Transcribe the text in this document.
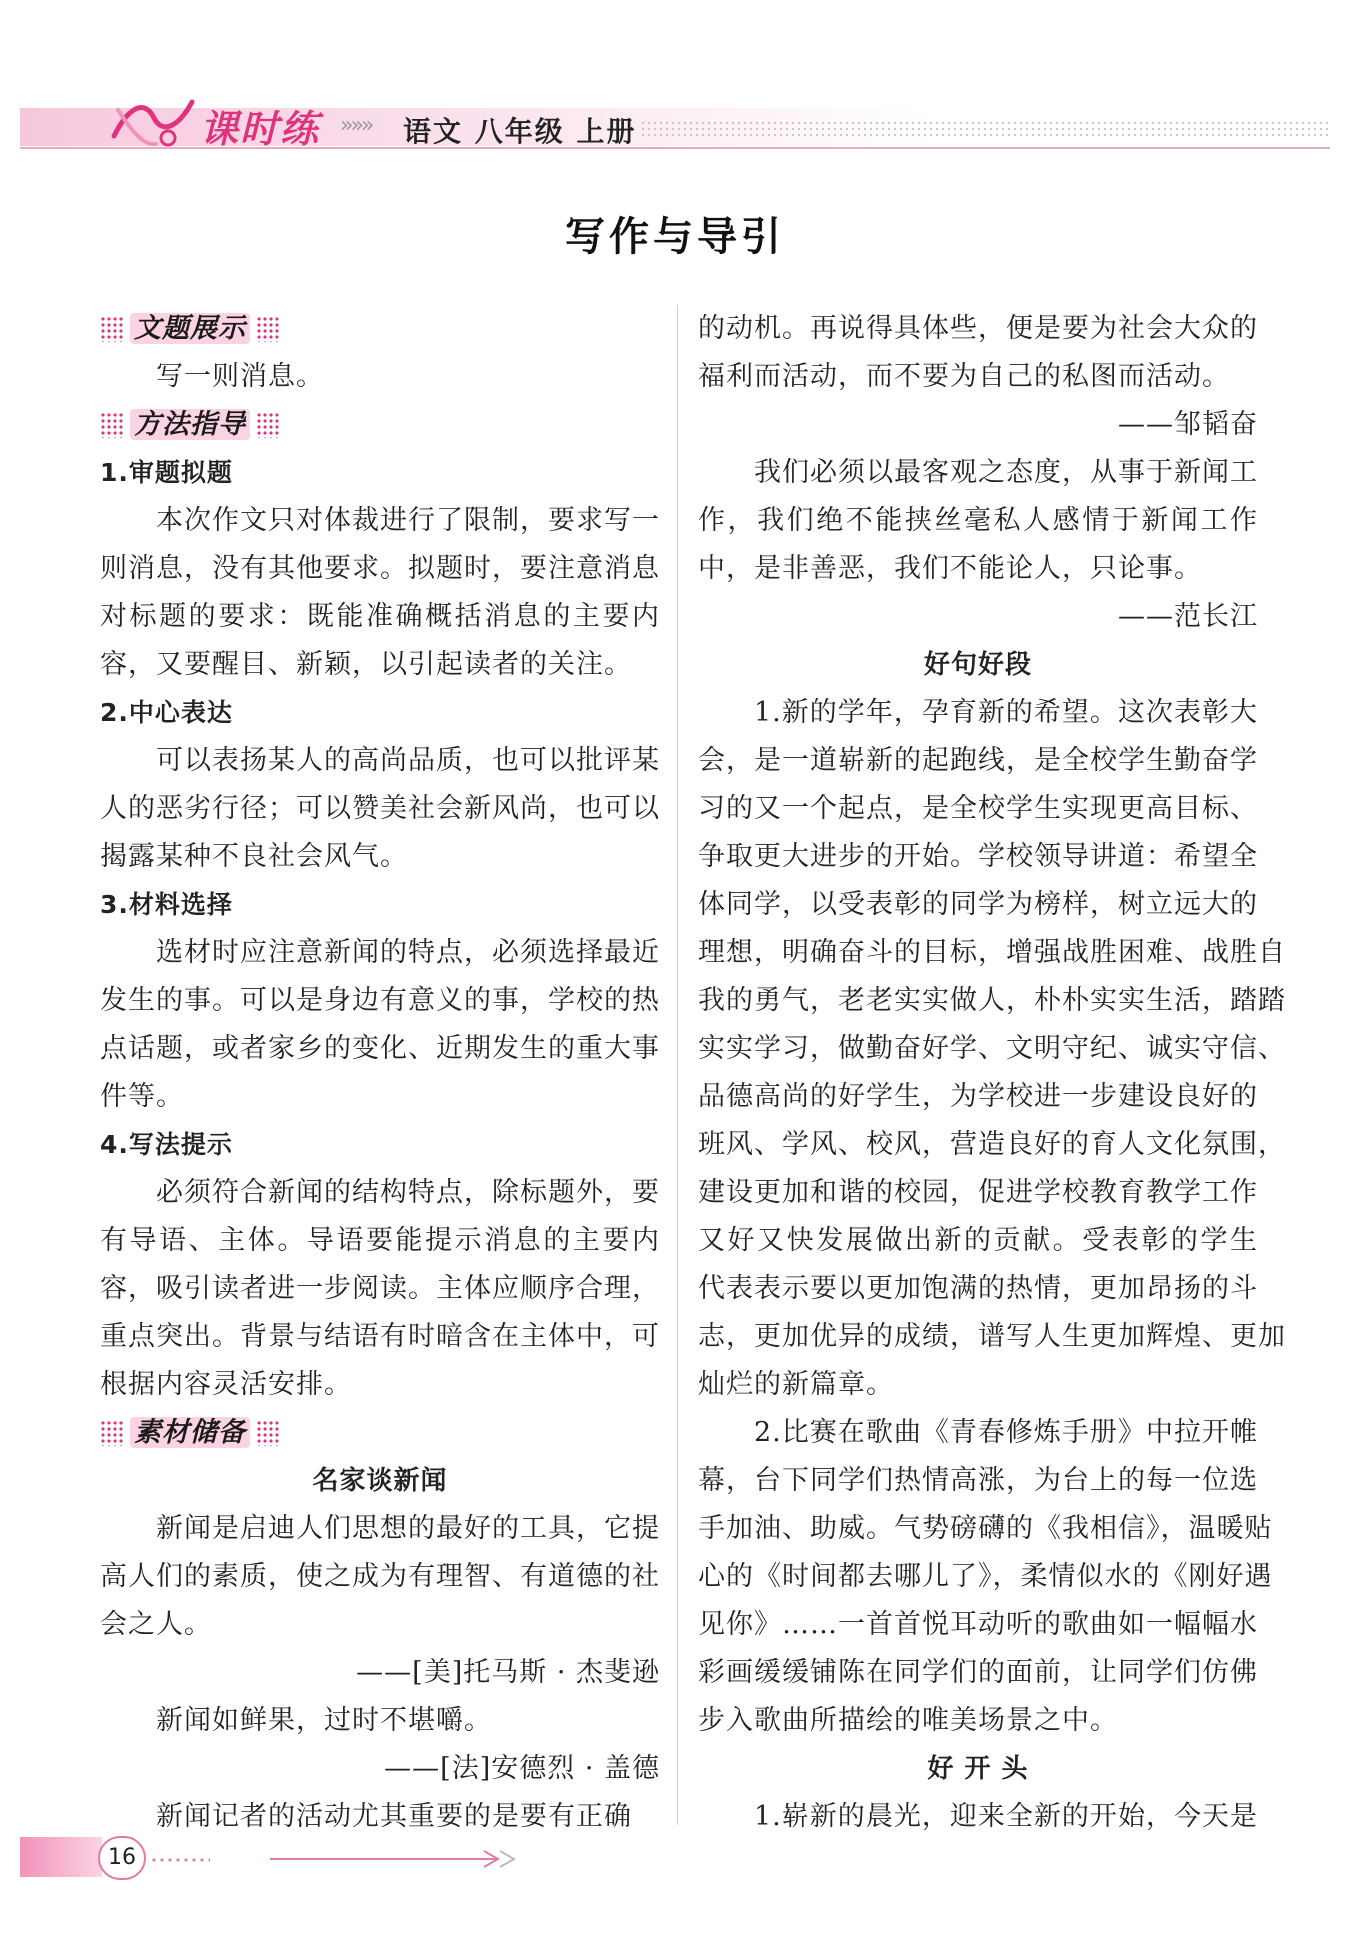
课时练 »»» 语文 八年级 上册
写作与导引
文题展示
写一则消息。
方法指导
1.审题拟题
本次作文只对体裁进行了限制，要求写一
则消息，没有其他要求。拟题时，要注意消息
对标题的要求：既能准确概括消息的主要内
容，又要醒目、新颖，以引起读者的关注。
2.中心表达
可以表扬某人的高尚品质，也可以批评某
人的恶劣行径；可以赞美社会新风尚，也可以
揭露某种不良社会风气。
3.材料选择
选材时应注意新闻的特点，必须选择最近
发生的事。可以是身边有意义的事，学校的热
点话题，或者家乡的变化、近期发生的重大事
件等。
4.写法提示
必须符合新闻的结构特点，除标题外，要
有导语、主体。导语要能提示消息的主要内
容，吸引读者进一步阅读。主体应顺序合理，
重点突出。背景与结语有时暗含在主体中，可
根据内容灵活安排。
素材储备
名家谈新闻
新闻是启迪人们思想的最好的工具，它提
高人们的素质，使之成为有理智、有道德的社
会之人。
——[美]托马斯 · 杰斐逊
新闻如鲜果，过时不堪嚼。
——[法]安德烈 · 盖德
新闻记者的活动尤其重要的是要有正确
的动机。再说得具体些，便是要为社会大众的
福利而活动，而不要为自己的私图而活动。
——邹韬奋
我们必须以最客观之态度，从事于新闻工
作，我们绝不能挟丝毫私人感情于新闻工作
中，是非善恶，我们不能论人，只论事。
——范长江
好句好段
1.新的学年，孕育新的希望。这次表彰大
会，是一道崭新的起跑线，是全校学生勤奋学
习的又一个起点，是全校学生实现更高目标、
争取更大进步的开始。学校领导讲道：希望全
体同学，以受表彰的同学为榜样，树立远大的
理想，明确奋斗的目标，增强战胜困难、战胜自
我的勇气，老老实实做人，朴朴实实生活，踏踏
实实学习，做勤奋好学、文明守纪、诚实守信、
品德高尚的好学生，为学校进一步建设良好的
班风、学风、校风，营造良好的育人文化氛围，
建设更加和谐的校园，促进学校教育教学工作
又好又快发展做出新的贡献。受表彰的学生
代表表示要以更加饱满的热情，更加昂扬的斗
志，更加优异的成绩，谱写人生更加辉煌、更加
灿烂的新篇章。
2.比赛在歌曲《青春修炼手册》中拉开帷
幕，台下同学们热情高涨，为台上的每一位选
手加油、助威。气势磅礴的《我相信》，温暖贴
心的《时间都去哪儿了》，柔情似水的《刚好遇
见你》……一首首悦耳动听的歌曲如一幅幅水
彩画缓缓铺陈在同学们的面前，让同学们仿佛
步入歌曲所描绘的唯美场景之中。
好 开 头
1.崭新的晨光，迎来全新的开始，今天是
16
